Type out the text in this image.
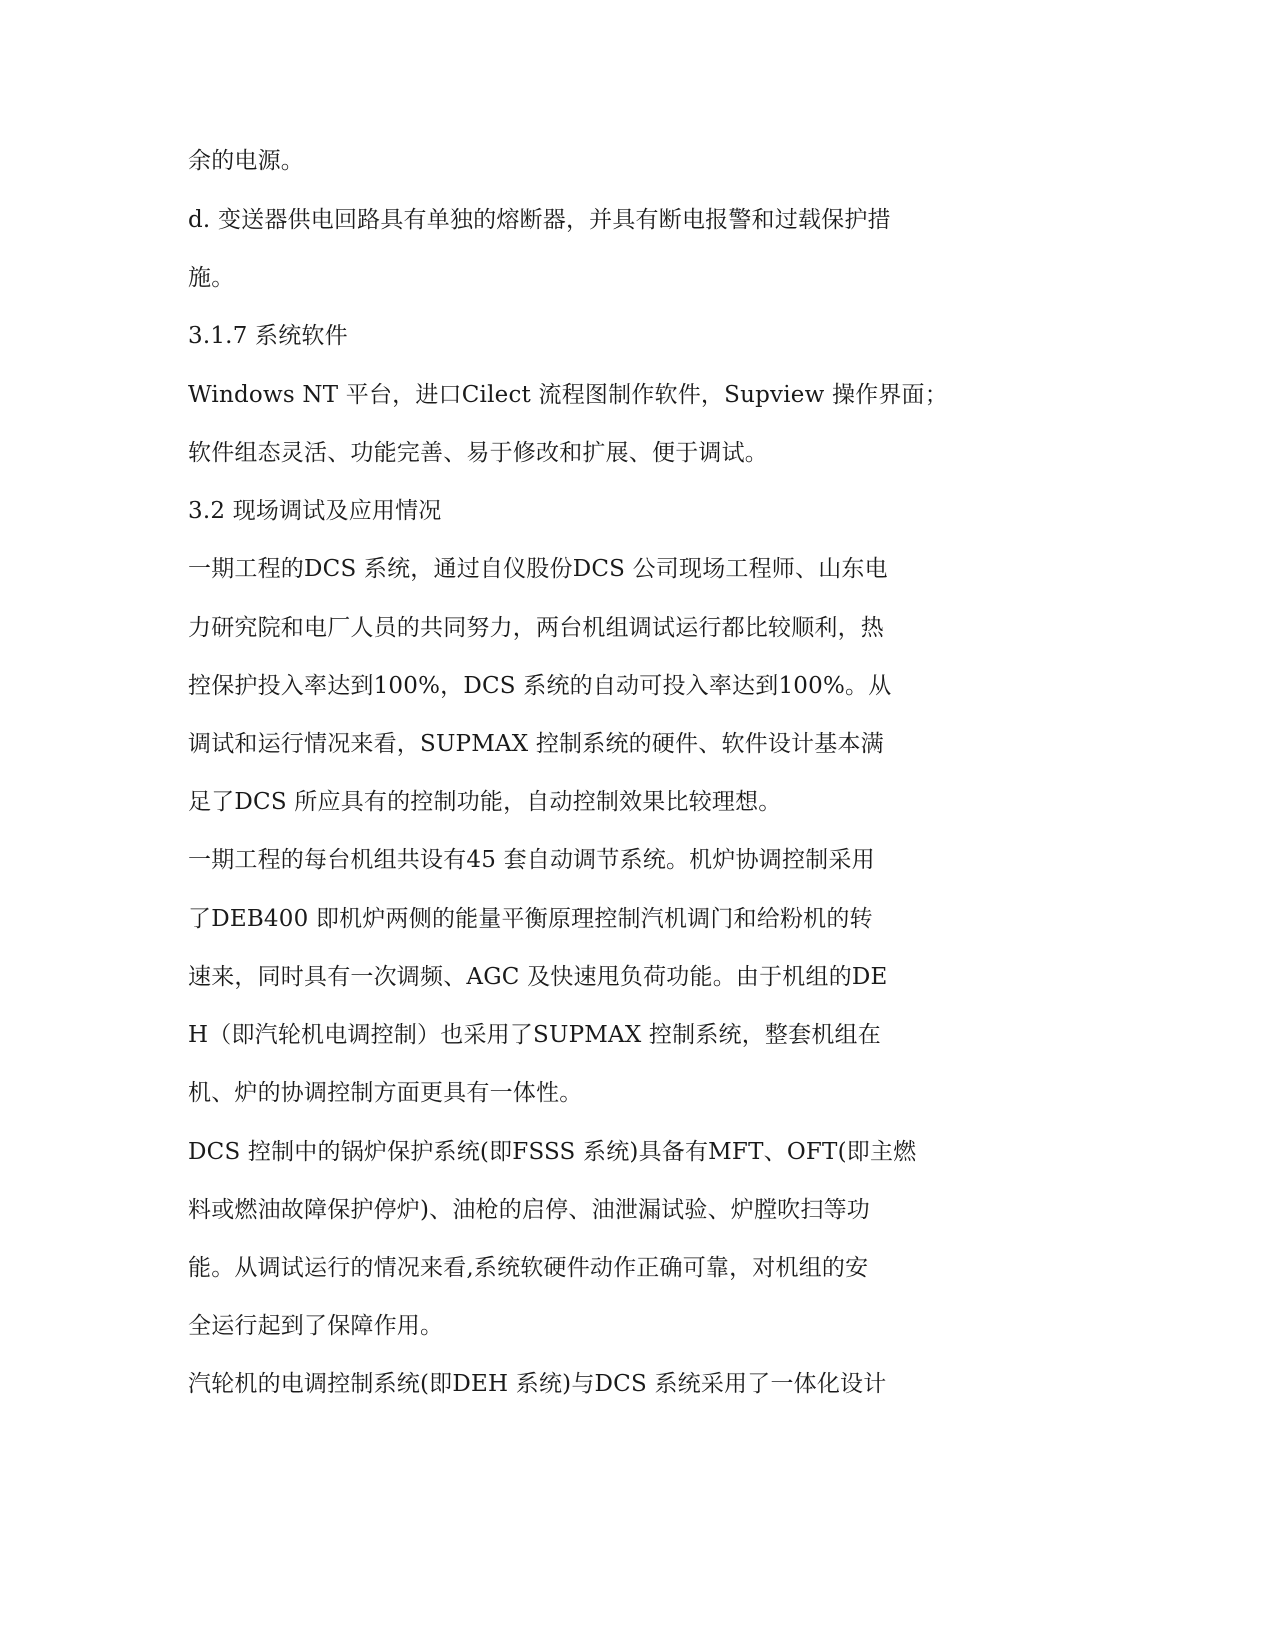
余的电源。
d. 变送器供电回路具有单独的熔断器，并具有断电报警和过载保护措
施。
3.1.7 系统软件
Windows NT 平台，进口Cilect 流程图制作软件，Supview 操作界面；
软件组态灵活、功能完善、易于修改和扩展、便于调试。
3.2 现场调试及应用情况
一期工程的DCS 系统，通过自仪股份DCS 公司现场工程师、山东电
力研究院和电厂人员的共同努力，两台机组调试运行都比较顺利，热
控保护投入率达到100%，DCS 系统的自动可投入率达到100%。从
调试和运行情况来看，SUPMAX 控制系统的硬件、软件设计基本满
足了DCS 所应具有的控制功能，自动控制效果比较理想。
一期工程的每台机组共设有45 套自动调节系统。机炉协调控制采用
了DEB400 即机炉两侧的能量平衡原理控制汽机调门和给粉机的转
速来，同时具有一次调频、AGC 及快速甩负荷功能。由于机组的DE
H（即汽轮机电调控制）也采用了SUPMAX 控制系统，整套机组在
机、炉的协调控制方面更具有一体性。
DCS 控制中的锅炉保护系统(即FSSS 系统)具备有MFT、OFT(即主燃
料或燃油故障保护停炉)、油枪的启停、油泄漏试验、炉膛吹扫等功
能。从调试运行的情况来看,系统软硬件动作正确可靠，对机组的安
全运行起到了保障作用。
汽轮机的电调控制系统(即DEH 系统)与DCS 系统采用了一体化设计
